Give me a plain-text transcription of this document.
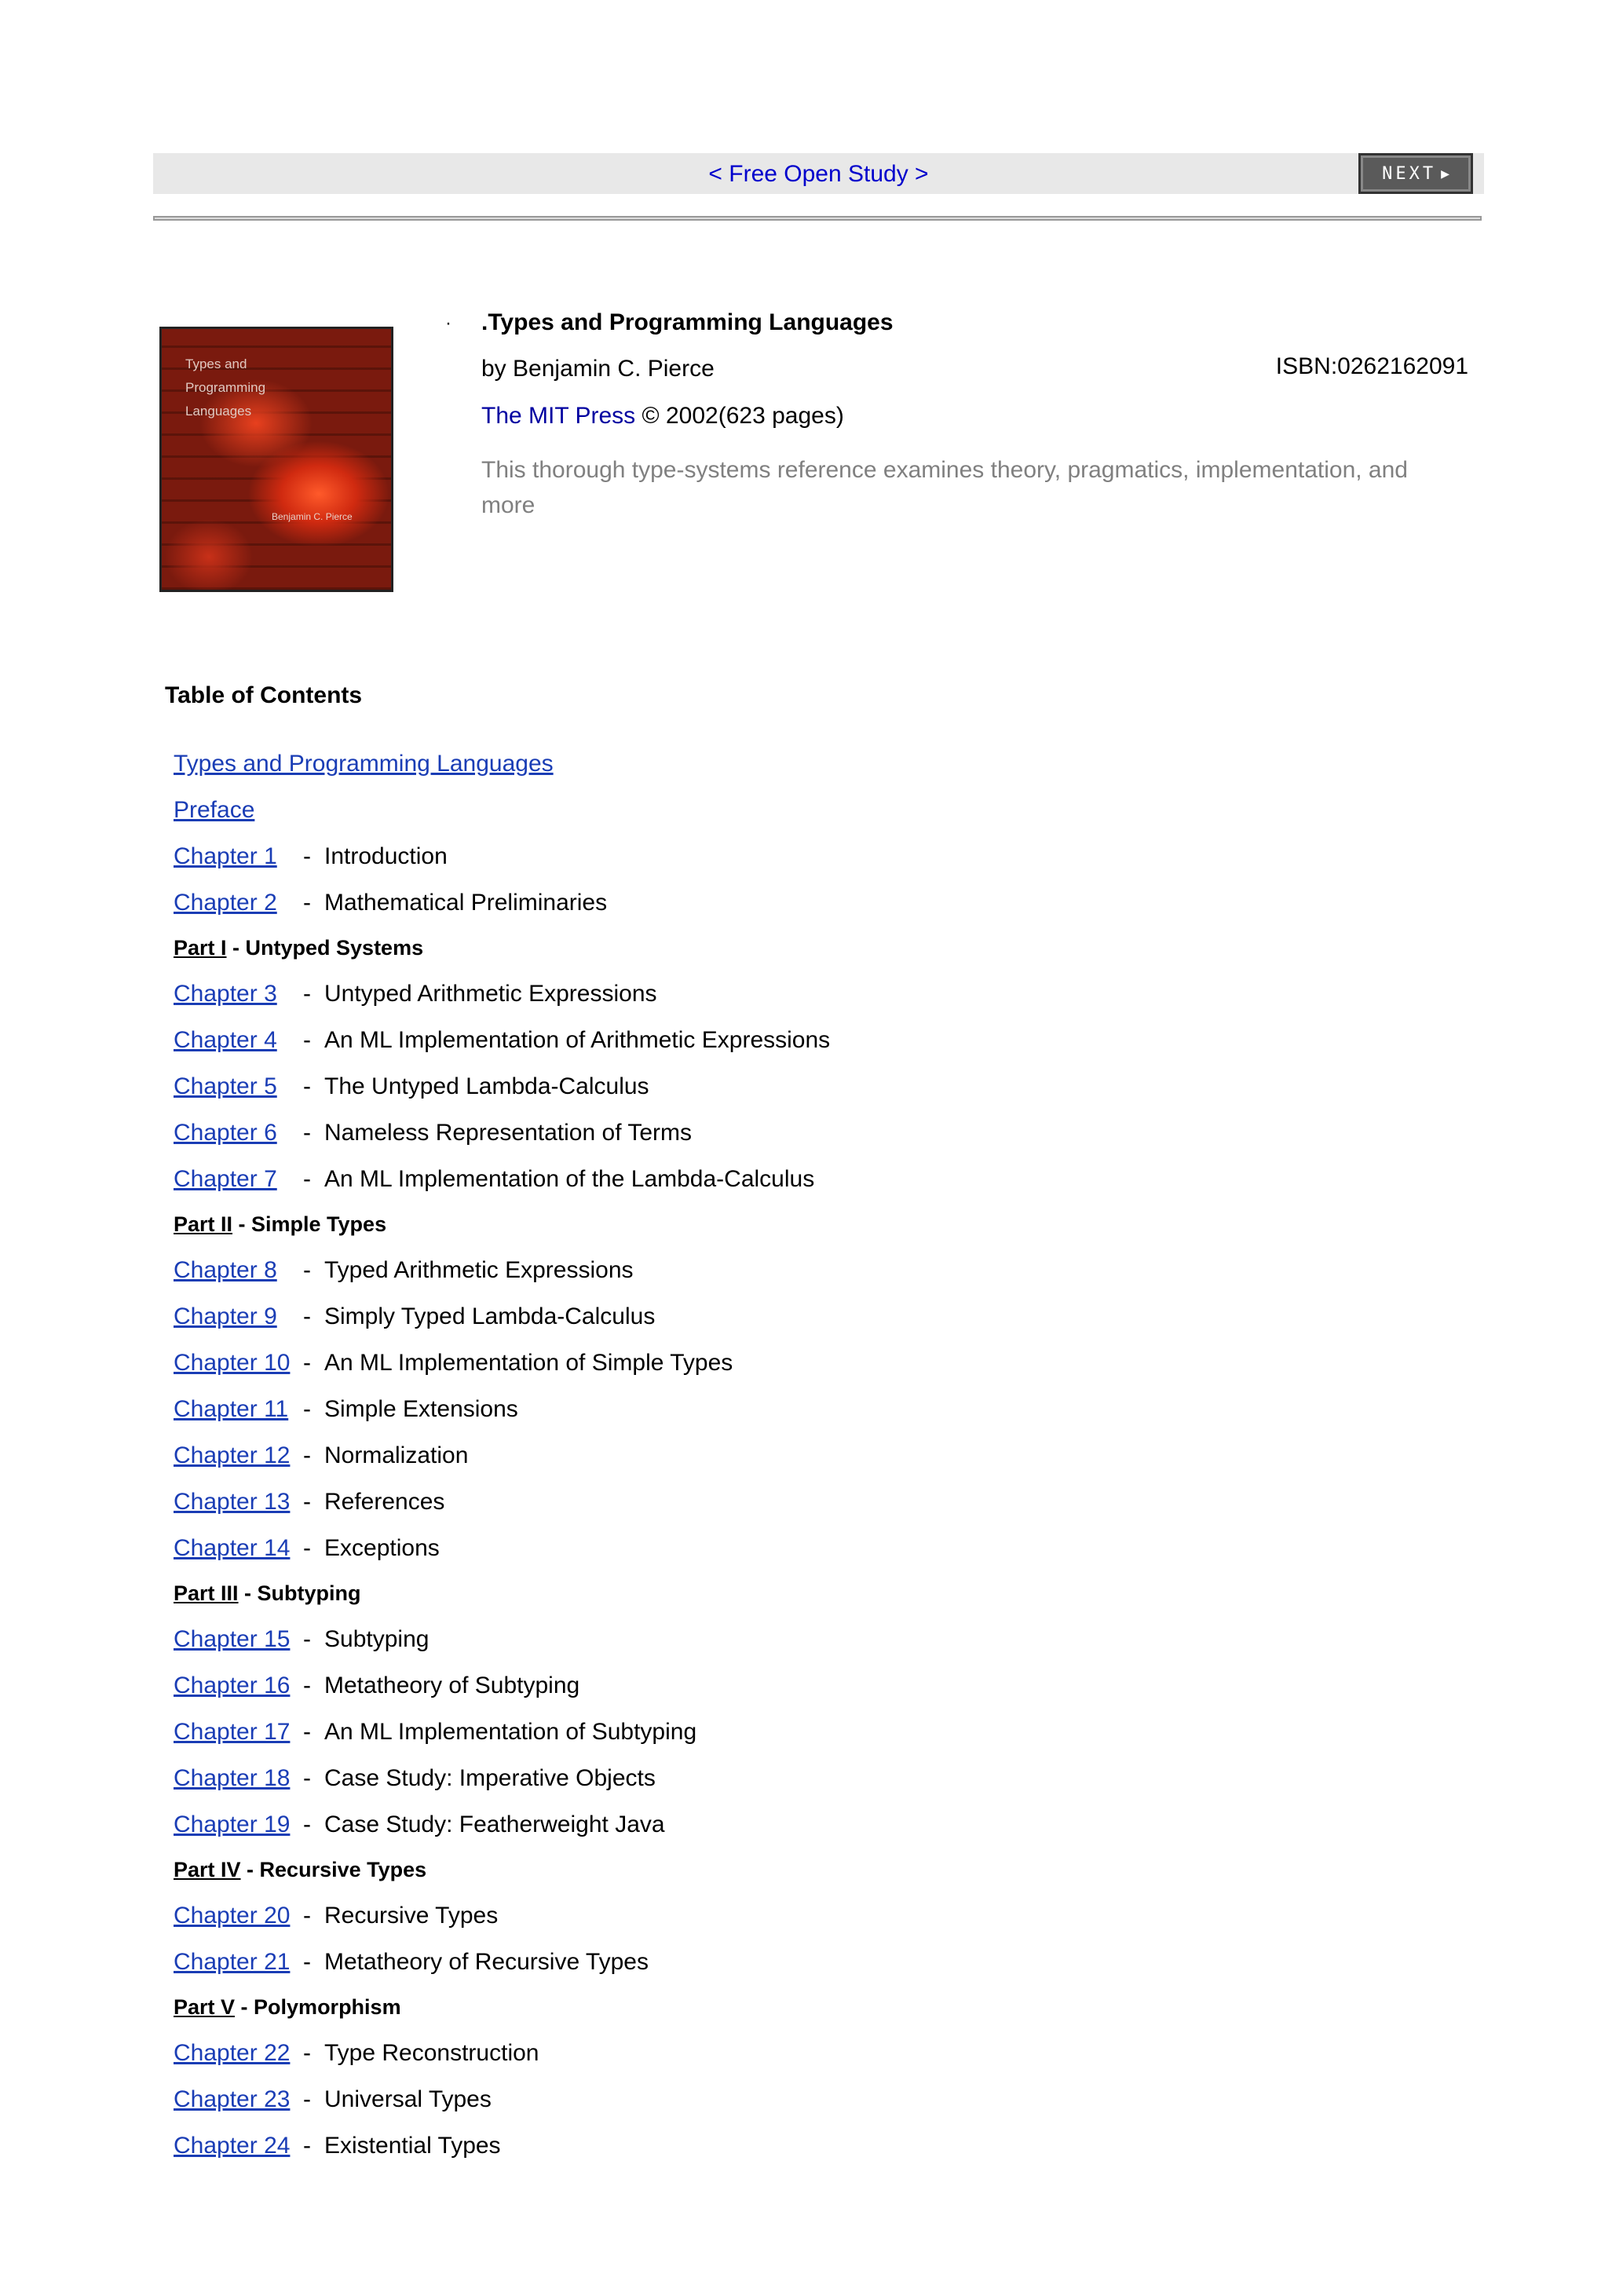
< Free Open Study >	NEXT ▶
Types and
Programming
Languages
Benjamin C. Pierce
· .Types and Programming Languages
by Benjamin C. Pierce	ISBN:0262162091
The MIT Press © 2002(623 pages)
This thorough type-systems reference examines theory, pragmatics, implementation, and more
Table of Contents
Types and Programming Languages
Preface
Chapter 1 - Introduction
Chapter 2 - Mathematical Preliminaries
Part I - Untyped Systems
Chapter 3 - Untyped Arithmetic Expressions
Chapter 4 - An ML Implementation of Arithmetic Expressions
Chapter 5 - The Untyped Lambda-Calculus
Chapter 6 - Nameless Representation of Terms
Chapter 7 - An ML Implementation of the Lambda-Calculus
Part II - Simple Types
Chapter 8 - Typed Arithmetic Expressions
Chapter 9 - Simply Typed Lambda-Calculus
Chapter 10 - An ML Implementation of Simple Types
Chapter 11 - Simple Extensions
Chapter 12 - Normalization
Chapter 13 - References
Chapter 14 - Exceptions
Part III - Subtyping
Chapter 15 - Subtyping
Chapter 16 - Metatheory of Subtyping
Chapter 17 - An ML Implementation of Subtyping
Chapter 18 - Case Study: Imperative Objects
Chapter 19 - Case Study: Featherweight Java
Part IV - Recursive Types
Chapter 20 - Recursive Types
Chapter 21 - Metatheory of Recursive Types
Part V - Polymorphism
Chapter 22 - Type Reconstruction
Chapter 23 - Universal Types
Chapter 24 - Existential Types
